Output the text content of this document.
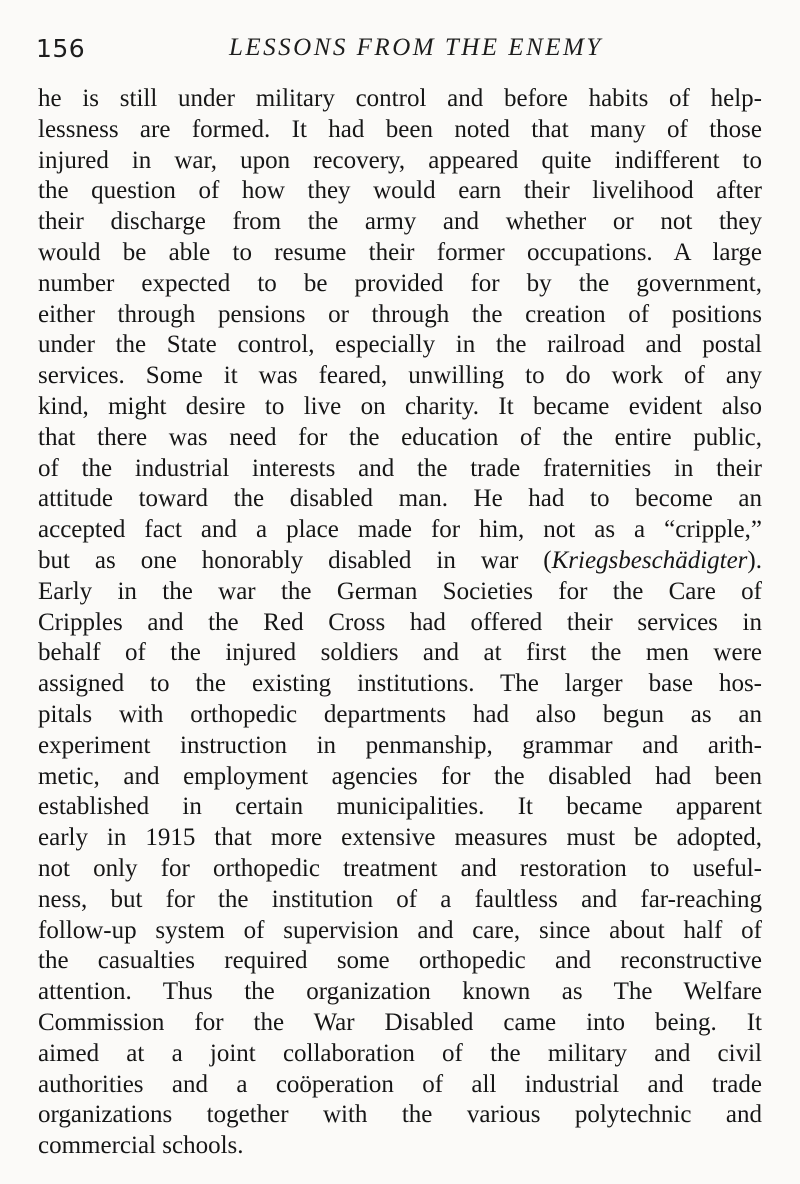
156	LESSONS FROM THE ENEMY
he is still under military control and before habits of help-
lessness are formed. It had been noted that many of those
injured in war, upon recovery, appeared quite indifferent to
the question of how they would earn their livelihood after
their discharge from the army and whether or not they
would be able to resume their former occupations. A large
number expected to be provided for by the government,
either through pensions or through the creation of positions
under the State control, especially in the railroad and postal
services. Some it was feared, unwilling to do work of any
kind, might desire to live on charity. It became evident also
that there was need for the education of the entire public,
of the industrial interests and the trade fraternities in their
attitude toward the disabled man. He had to become an
accepted fact and a place made for him, not as a “cripple,”
but as one honorably disabled in war (Kriegsbeschädigter).
Early in the war the German Societies for the Care of
Cripples and the Red Cross had offered their services in
behalf of the injured soldiers and at first the men were
assigned to the existing institutions. The larger base hos-
pitals with orthopedic departments had also begun as an
experiment instruction in penmanship, grammar and arith-
metic, and employment agencies for the disabled had been
established in certain municipalities. It became apparent
early in 1915 that more extensive measures must be adopted,
not only for orthopedic treatment and restoration to useful-
ness, but for the institution of a faultless and far-reaching
follow-up system of supervision and care, since about half of
the casualties required some orthopedic and reconstructive
attention. Thus the organization known as The Welfare
Commission for the War Disabled came into being. It
aimed at a joint collaboration of the military and civil
authorities and a coöperation of all industrial and trade
organizations together with the various polytechnic and
commercial schools.
